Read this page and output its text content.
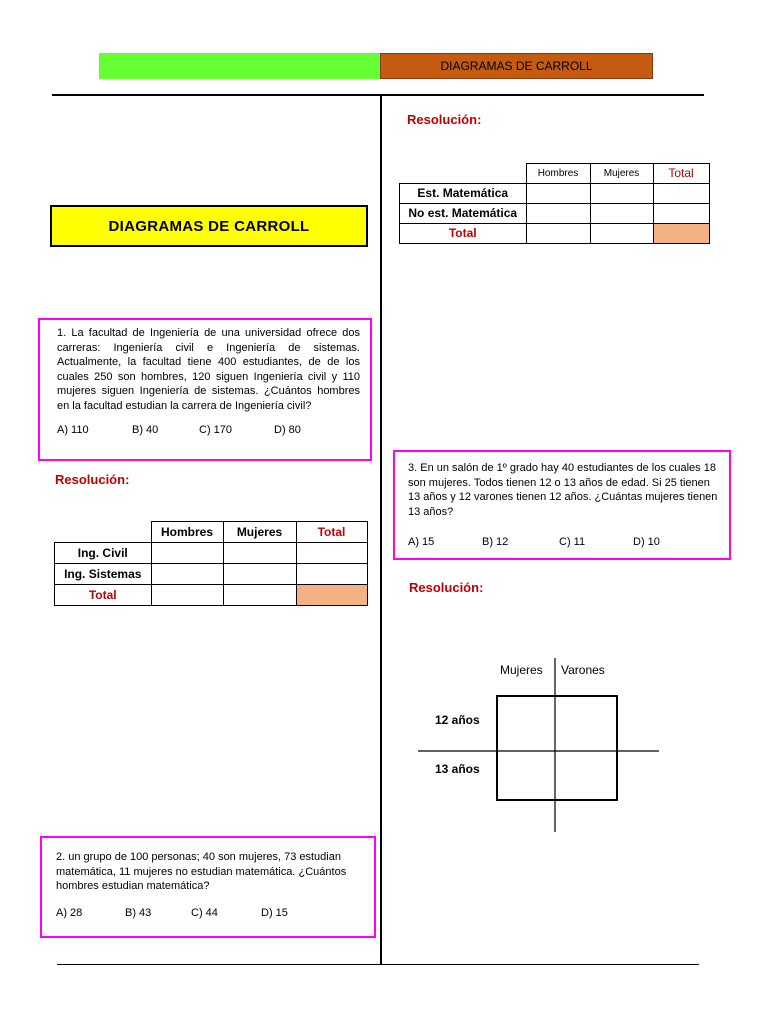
DIAGRAMAS DE CARROLL
DIAGRAMAS DE CARROLL

1. La facultad de Ingeniería de una universidad ofrece dos carreras: Ingeniería civil e Ingeniería de sistemas. Actualmente, la facultad tiene 400 estudiantes, de de los cuales 250 son hombres, 120 siguen Ingeniería civil y 110 mujeres siguen Ingeniería de sistemas. ¿Cuántos hombres en la facultad estudian la carrera de Ingeniería civil?

A) 110	B) 40	C) 170	D) 80
Resolución:
	Hombres	Mujeres	Total
Ing. Civil			
Ing. Sistemas			
Total			

2. un grupo de 100 personas; 40 son mujeres, 73 estudian matemática, 11 mujeres no estudian matemática. ¿Cuántos hombres estudian matemática?

A) 28	B) 43	C) 44	D) 15
Resolución:
	Hombres	Mujeres	Total
Est. Matemática			
No est. Matemática			
Total			

3. En un salón de 1º grado hay 40 estudiantes de los cuales 18 son mujeres. Todos tienen 12 o 13 años de edad. Si 25 tienen 13 años y 12 varones tienen 12 años. ¿Cuántas mujeres tienen 13 años?

A) 15	B) 12	C) 11	D) 10
Resolución:
Mujeres Varones
12 años
13 años
